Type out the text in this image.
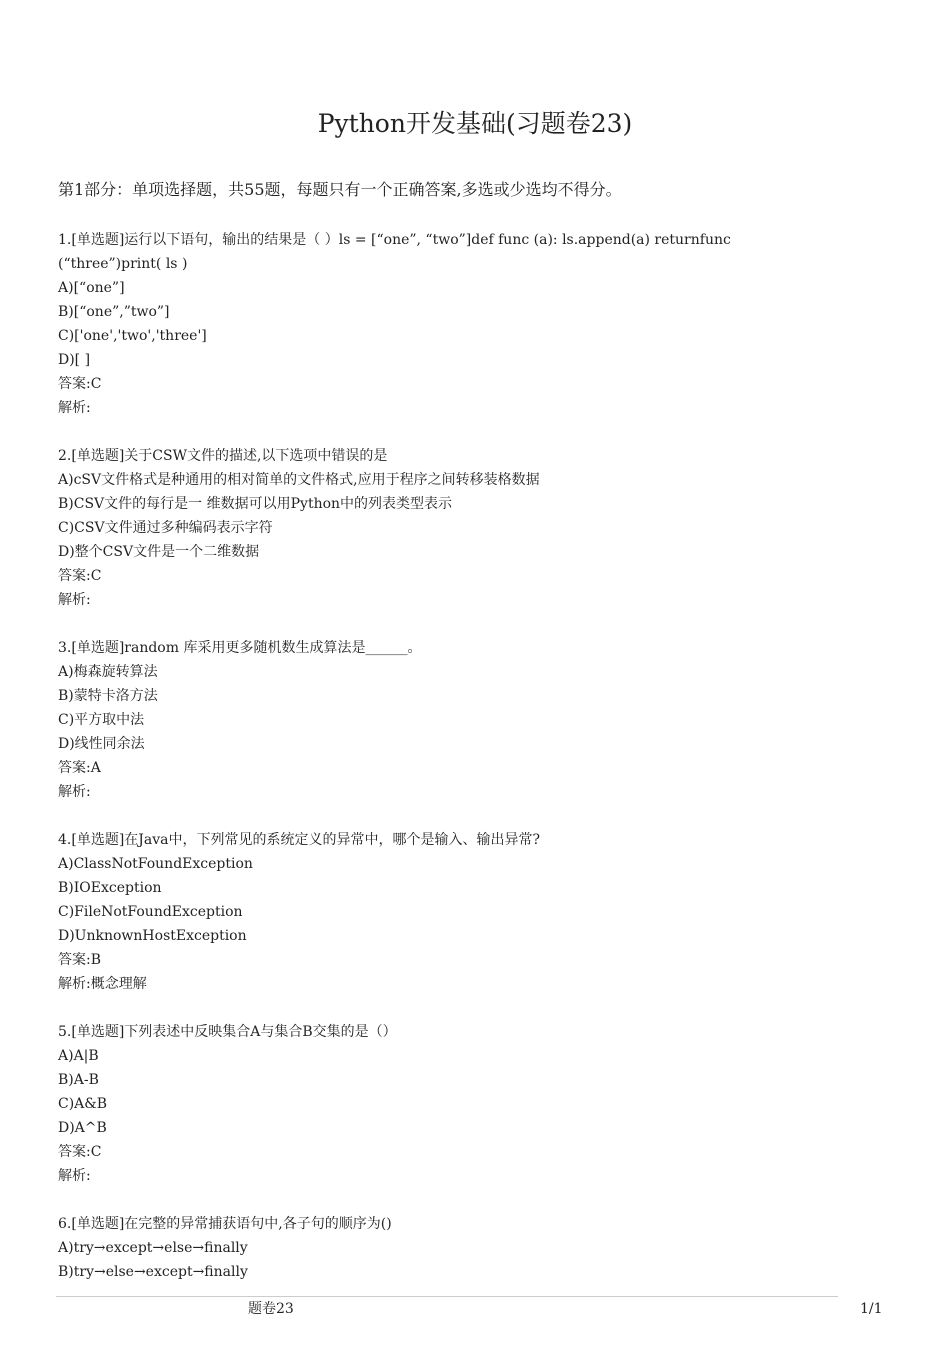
Python开发基础(习题卷23)
第1部分：单项选择题，共55题，每题只有一个正确答案,多选或少选均不得分。
1.[单选题]运行以下语句，输出的结果是（ ）ls = [“one”, “two”]def func (a): ls.append(a) returnfunc
(“three”)print( ls )
A)[“one”]
B)[“one”,”two”]
C)['one','two','three']
D)[ ]
答案:C
解析:
2.[单选题]关于CSW文件的描述,以下选项中错误的是
A)cSV文件格式是种通用的相对简单的文件格式,应用于程序之间转移装格数据
B)CSV文件的每行是一 维数据可以用Python中的列表类型表示
C)CSV文件通过多种编码表示字符
D)整个CSV文件是一个二维数据
答案:C
解析:
3.[单选题]random 库采用更多随机数生成算法是______。
A)梅森旋转算法
B)蒙特卡洛方法
C)平方取中法
D)线性同余法
答案:A
解析:
4.[单选题]在Java中，下列常见的系统定义的异常中，哪个是输入、输出异常?
A)ClassNotFoundException
B)IOException
C)FileNotFoundException
D)UnknownHostException
答案:B
解析:概念理解
5.[单选题]下列表述中反映集合A与集合B交集的是（）
A)A|B
B)A-B
C)A&B
D)A^B
答案:C
解析:
6.[单选题]在完整的异常捕获语句中,各子句的顺序为()
A)try→except→else→finally
B)try→else→except→finally
题卷23	1/1
